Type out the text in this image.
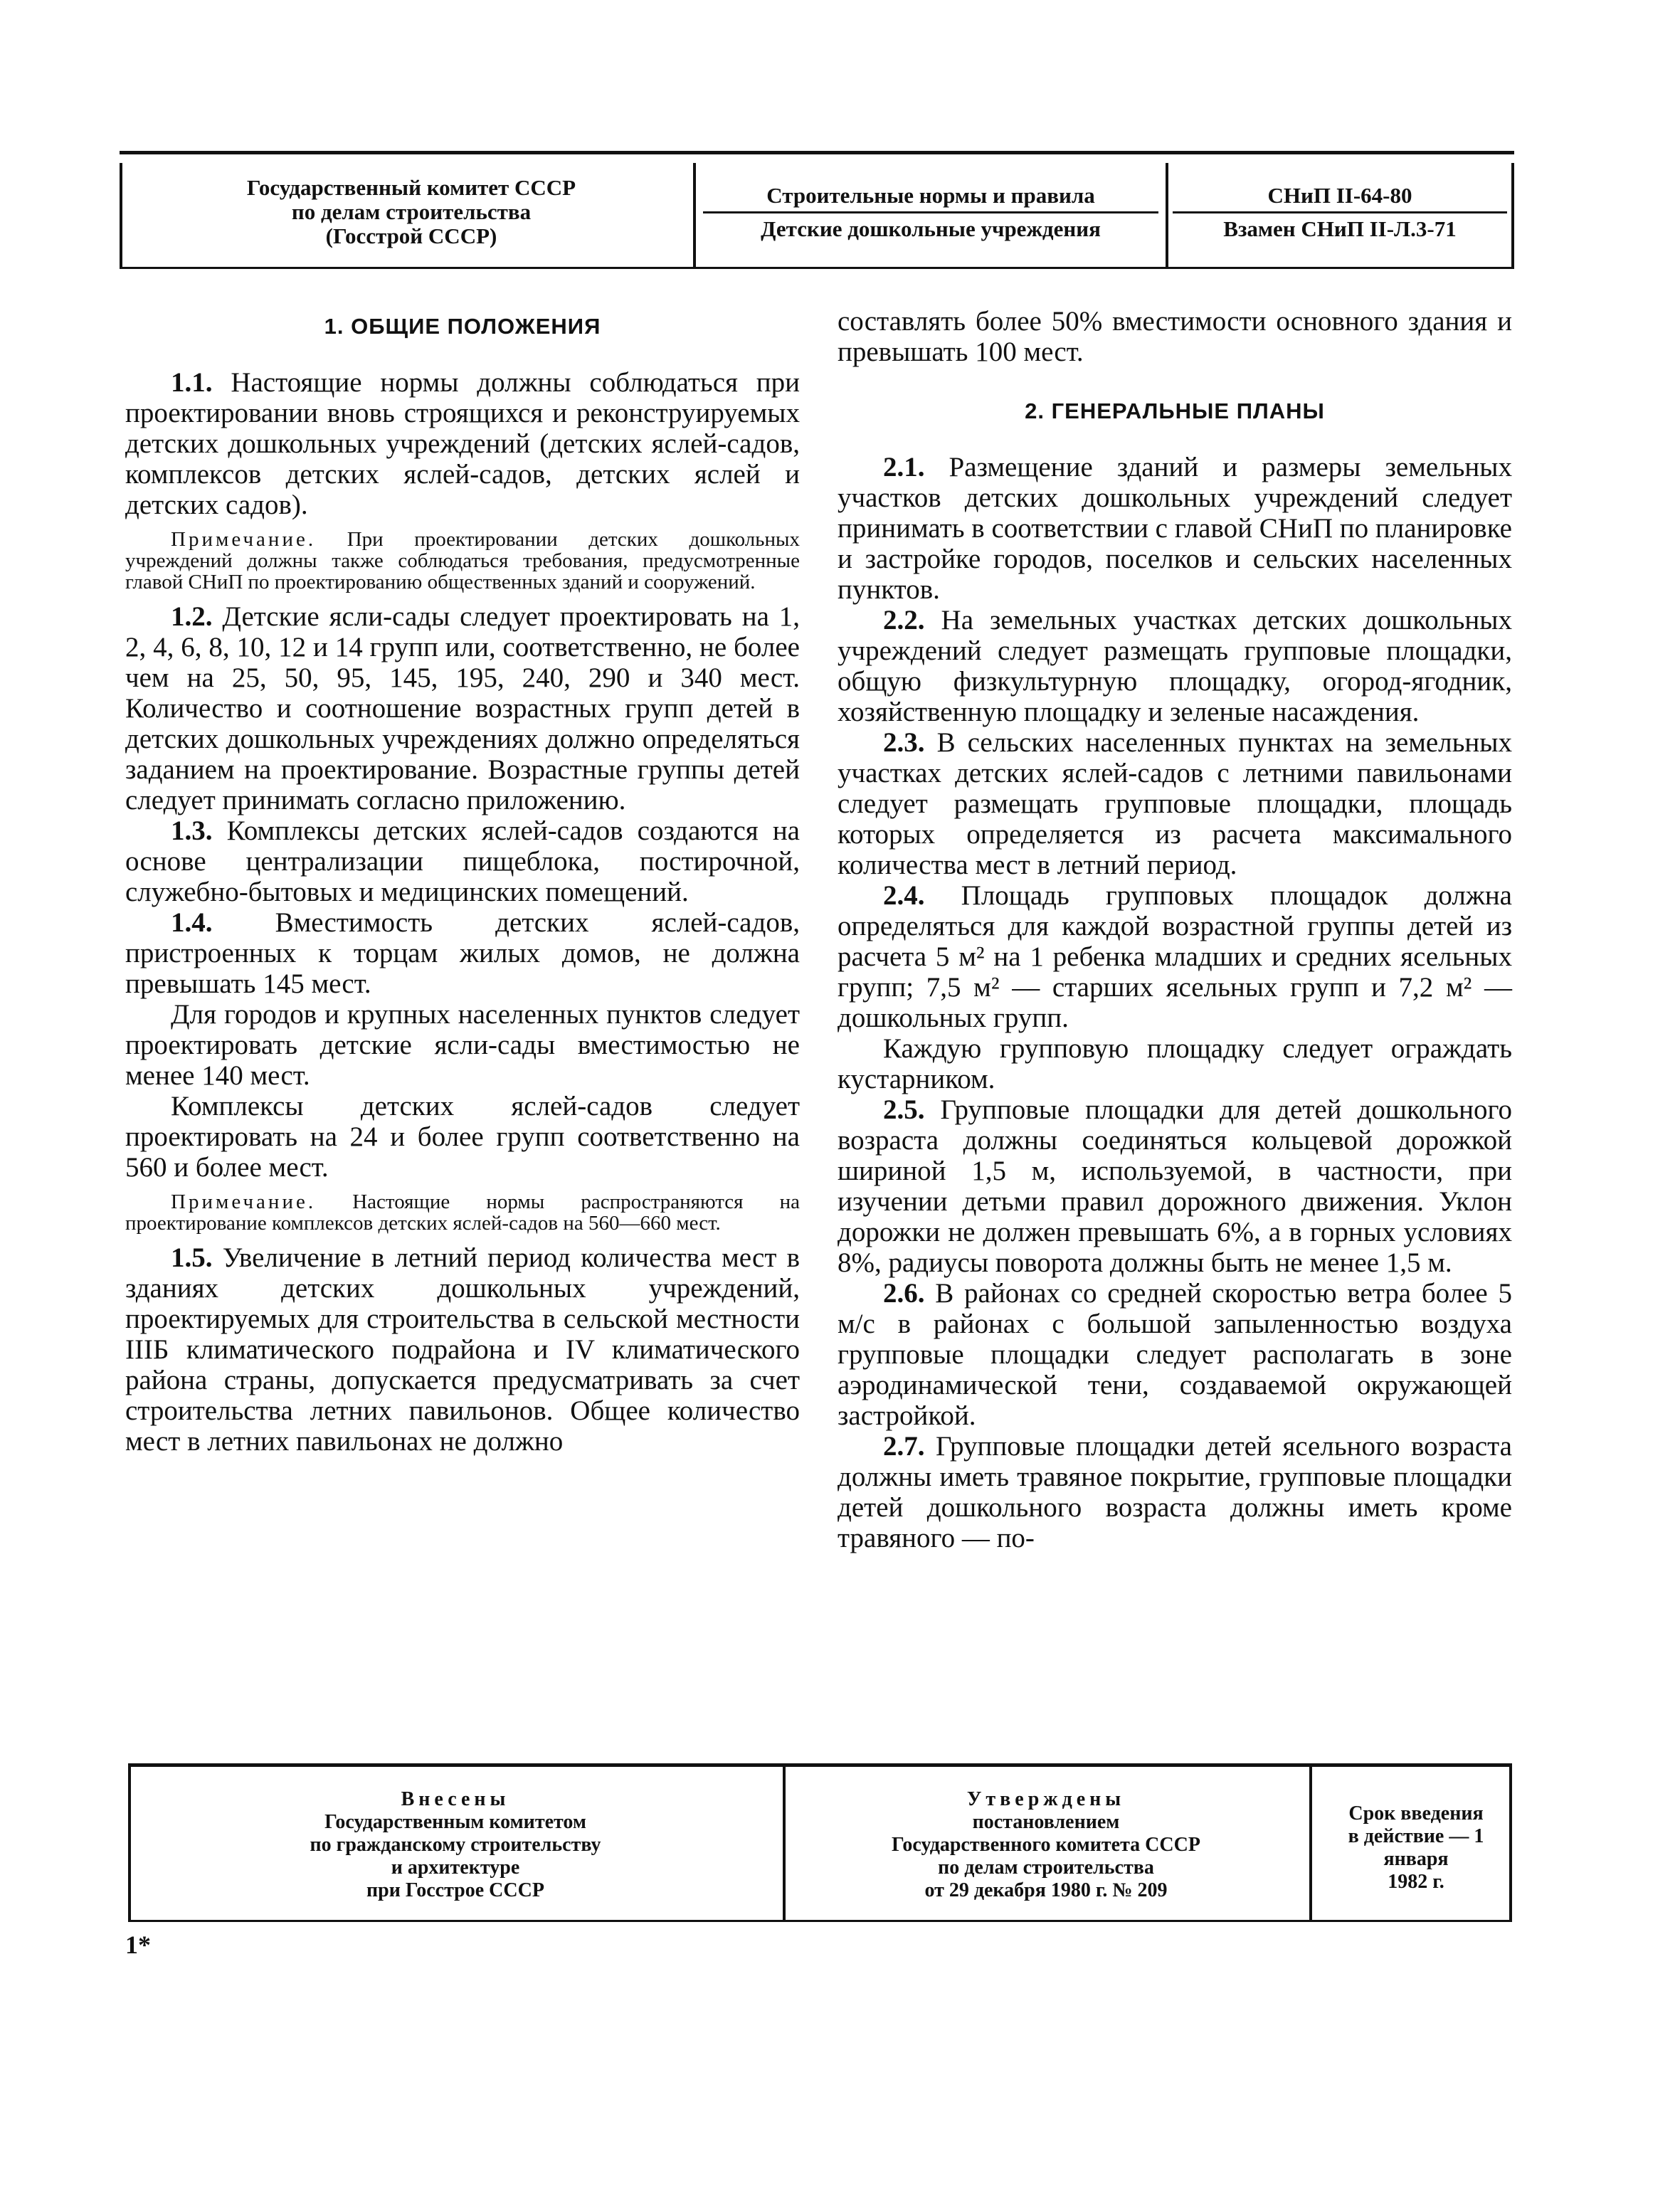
Государственный комитет СССР
по делам строительства
(Госстрой СССР)
Строительные нормы и правила
Детские дошкольные учреждения
СНиП II-64-80
Взамен СНиП II-Л.3-71

1. ОБЩИЕ ПОЛОЖЕНИЯ

1.1. Настоящие нормы должны соблюдаться при проектировании вновь строящихся и реконструируемых детских дошкольных учреждений (детских яслей-садов, комплексов детских яслей-садов, детских яслей и детских садов).

Примечание. При проектировании детских дошкольных учреждений должны также соблюдаться требования, предусмотренные главой СНиП по проектированию общественных зданий и сооружений.

1.2. Детские ясли-сады следует проектировать на 1, 2, 4, 6, 8, 10, 12 и 14 групп или, соответственно, не более чем на 25, 50, 95, 145, 195, 240, 290 и 340 мест. Количество и соотношение возрастных групп детей в детских дошкольных учреждениях должно определяться заданием на проектирование. Возрастные группы детей следует принимать согласно приложению.

1.3. Комплексы детских яслей-садов создаются на основе централизации пищеблока, постирочной, служебно-бытовых и медицинских помещений.

1.4. Вместимость детских яслей-садов, пристроенных к торцам жилых домов, не должна превышать 145 мест.

Для городов и крупных населенных пунктов следует проектировать детские ясли-сады вместимостью не менее 140 мест.

Комплексы детских яслей-садов следует проектировать на 24 и более групп соответственно на 560 и более мест.

Примечание. Настоящие нормы распространяются на проектирование комплексов детских яслей-садов на 560—660 мест.

1.5. Увеличение в летний период количества мест в зданиях детских дошкольных учреждений, проектируемых для строительства в сельской местности IIIБ климатического подрайона и IV климатического района страны, допускается предусматривать за счет строительства летних павильонов. Общее количество мест в летних павильонах не должно

составлять более 50% вместимости основного здания и превышать 100 мест.

2. ГЕНЕРАЛЬНЫЕ ПЛАНЫ

2.1. Размещение зданий и размеры земельных участков детских дошкольных учреждений следует принимать в соответствии с главой СНиП по планировке и застройке городов, поселков и сельских населенных пунктов.

2.2. На земельных участках детских дошкольных учреждений следует размещать групповые площадки, общую физкультурную площадку, огород-ягодник, хозяйственную площадку и зеленые насаждения.

2.3. В сельских населенных пунктах на земельных участках детских яслей-садов с летними павильонами следует размещать групповые площадки, площадь которых определяется из расчета максимального количества мест в летний период.

2.4. Площадь групповых площадок должна определяться для каждой возрастной группы детей из расчета 5 м² на 1 ребенка младших и средних ясельных групп; 7,5 м² — старших ясельных групп и 7,2 м² — дошкольных групп.

Каждую групповую площадку следует ограждать кустарником.

2.5. Групповые площадки для детей дошкольного возраста должны соединяться кольцевой дорожкой шириной 1,5 м, используемой, в частности, при изучении детьми правил дорожного движения. Уклон дорожки не должен превышать 6%, а в горных условиях 8%, радиусы поворота должны быть не менее 1,5 м.

2.6. В районах со средней скоростью ветра более 5 м/с в районах с большой запыленностью воздуха групповые площадки следует располагать в зоне аэродинамической тени, создаваемой окружающей застройкой.

2.7. Групповые площадки детей ясельного возраста должны иметь травяное покрытие, групповые площадки детей дошкольного возраста должны иметь кроме травяного — по-

Внесены
Государственным комитетом
по гражданскому строительству
и архитектуре
при Госстрое СССР
Утверждены
постановлением
Государственного комитета СССР
по делам строительства
от 29 декабря 1980 г. № 209
Срок введения
в действие — 1 января
1982 г.
1*
